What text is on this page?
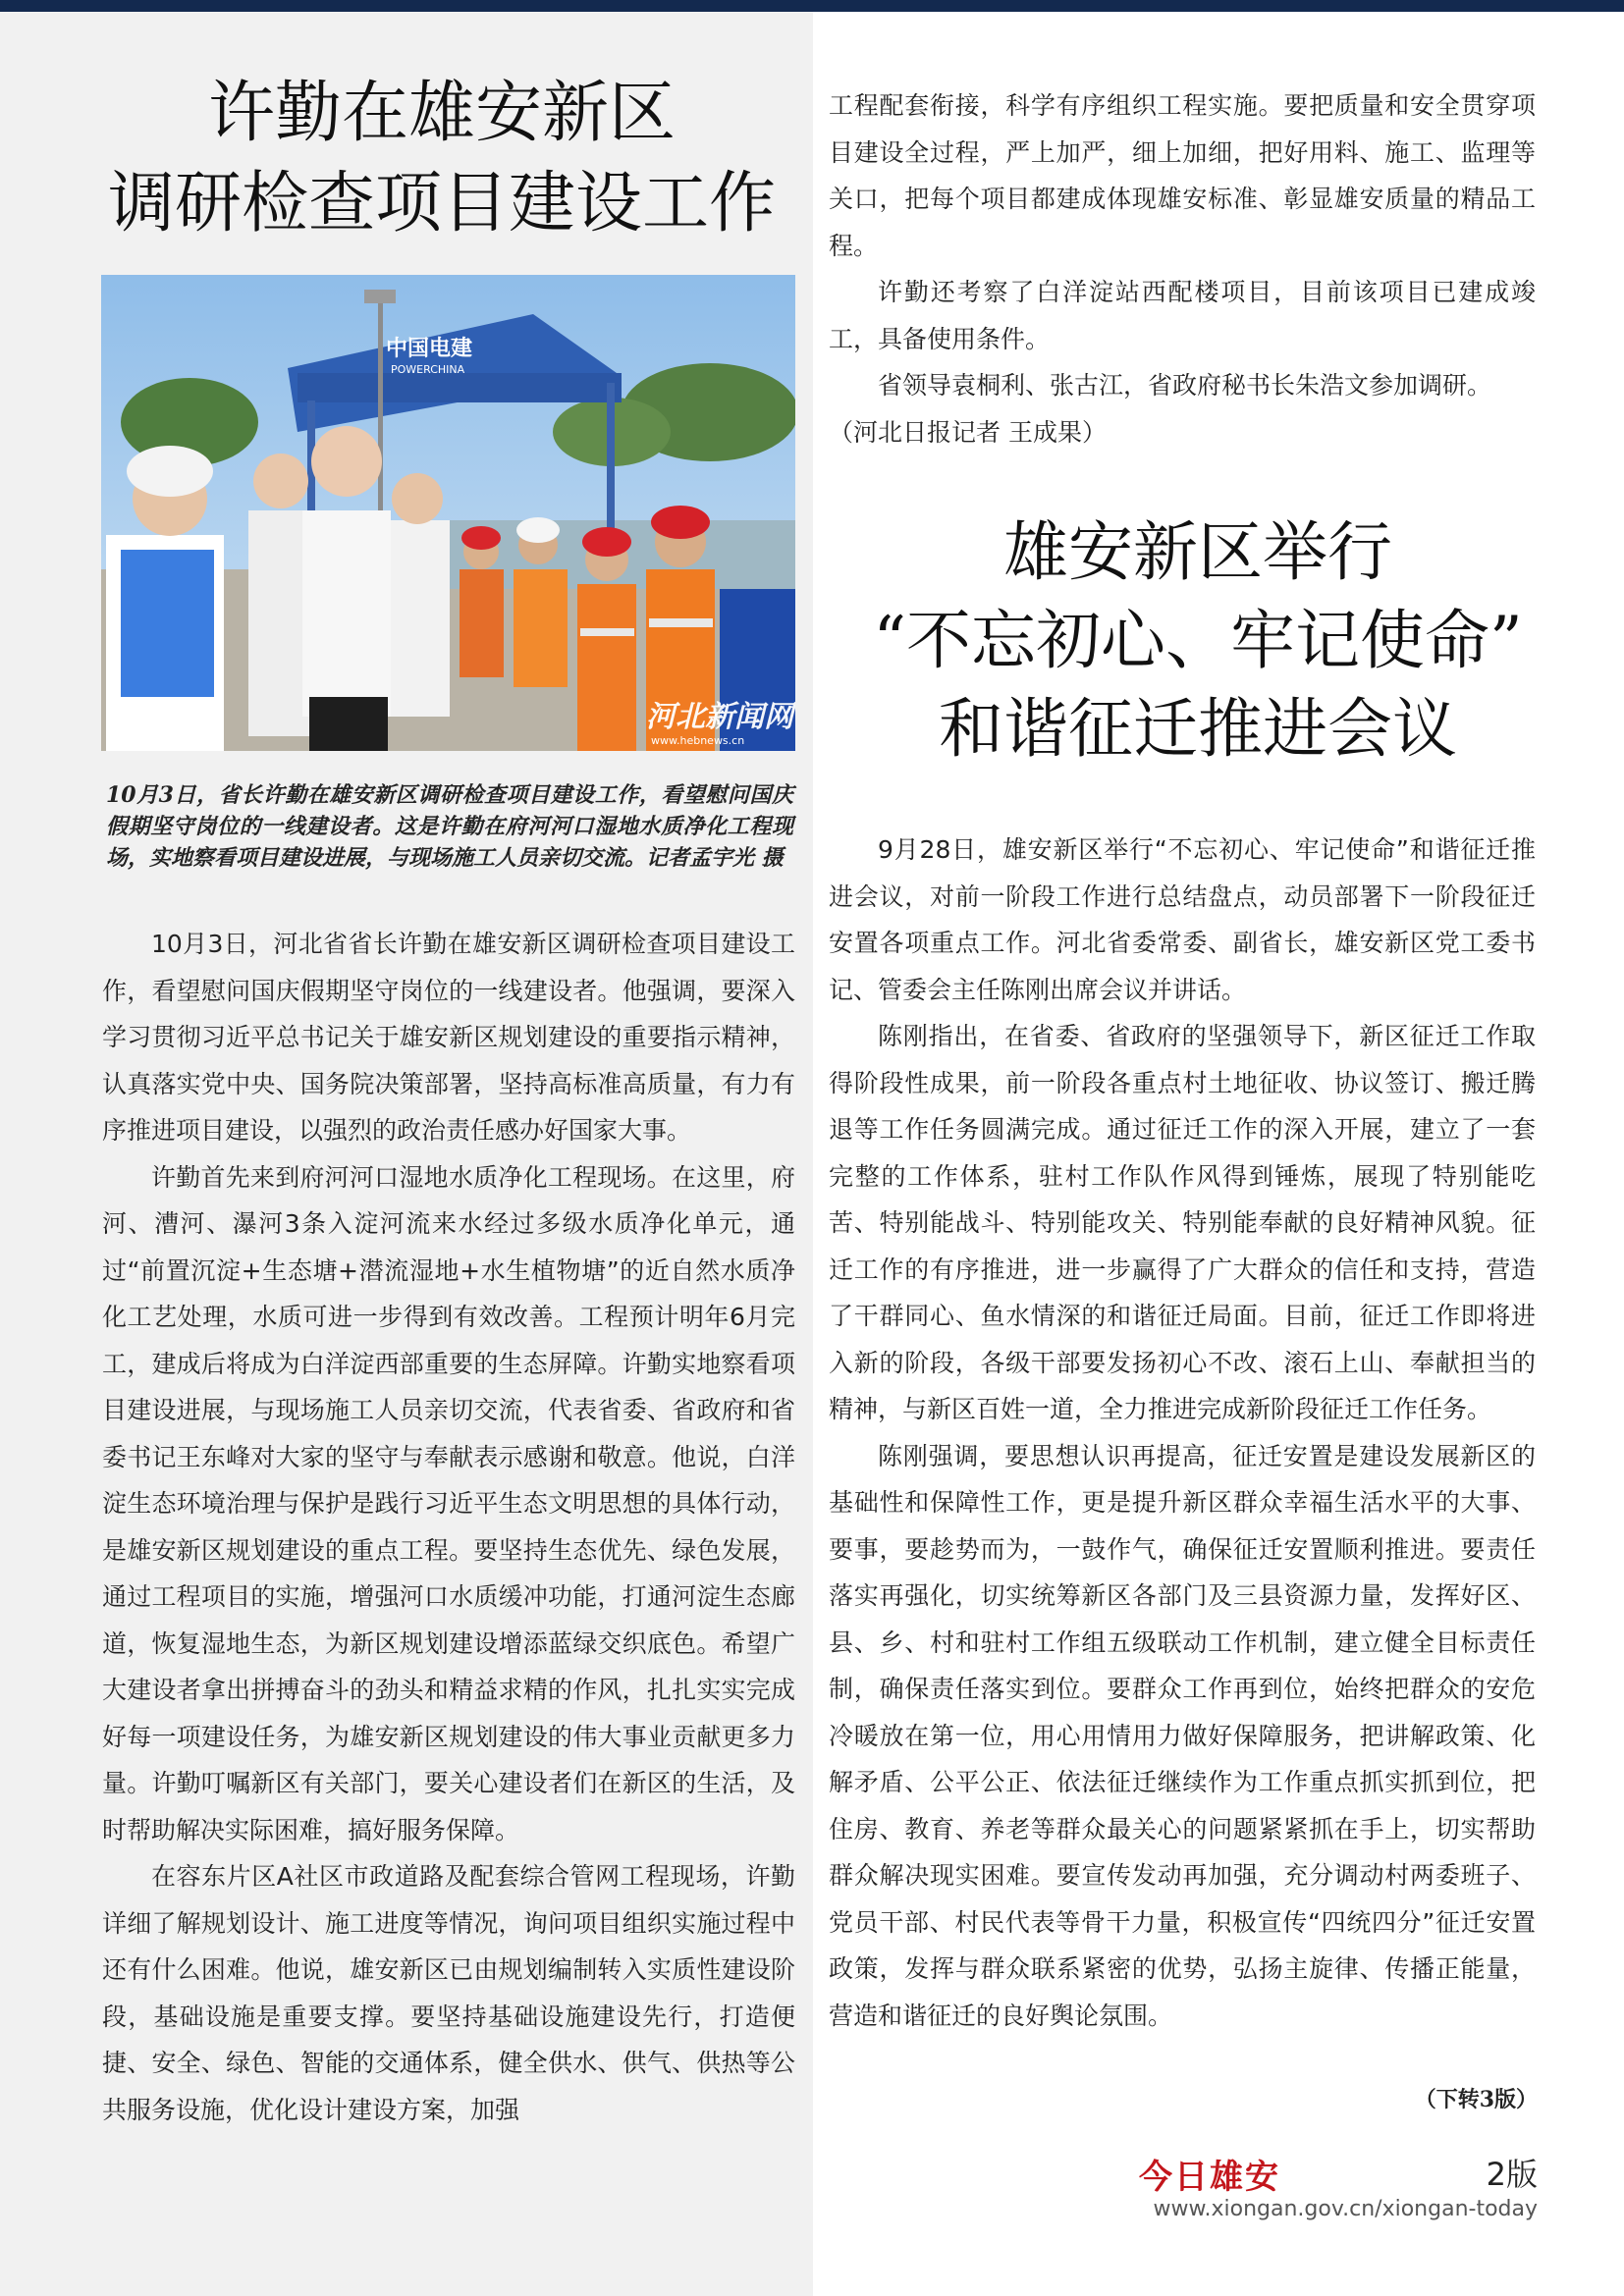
许勤在雄安新区
调研检查项目建设工作
中国电建
POWERCHINA
河北新闻网
www.hebnews.cn
10月3日，省长许勤在雄安新区调研检查项目建设工作，看望慰问国庆假期坚守岗位的一线建设者。这是许勤在府河河口湿地水质净化工程现场，实地察看项目建设进展，与现场施工人员亲切交流。记者孟宇光 摄

10月3日，河北省省长许勤在雄安新区调研检查项目建设工作，看望慰问国庆假期坚守岗位的一线建设者。他强调，要深入学习贯彻习近平总书记关于雄安新区规划建设的重要指示精神，认真落实党中央、国务院决策部署，坚持高标准高质量，有力有序推进项目建设，以强烈的政治责任感办好国家大事。

许勤首先来到府河河口湿地水质净化工程现场。在这里，府河、漕河、瀑河3条入淀河流来水经过多级水质净化单元，通过“前置沉淀+生态塘+潜流湿地+水生植物塘”的近自然水质净化工艺处理，水质可进一步得到有效改善。工程预计明年6月完工，建成后将成为白洋淀西部重要的生态屏障。许勤实地察看项目建设进展，与现场施工人员亲切交流，代表省委、省政府和省委书记王东峰对大家的坚守与奉献表示感谢和敬意。他说，白洋淀生态环境治理与保护是践行习近平生态文明思想的具体行动，是雄安新区规划建设的重点工程。要坚持生态优先、绿色发展，通过工程项目的实施，增强河口水质缓冲功能，打通河淀生态廊道，恢复湿地生态，为新区规划建设增添蓝绿交织底色。希望广大建设者拿出拼搏奋斗的劲头和精益求精的作风，扎扎实实完成好每一项建设任务，为雄安新区规划建设的伟大事业贡献更多力量。许勤叮嘱新区有关部门，要关心建设者们在新区的生活，及时帮助解决实际困难，搞好服务保障。

在容东片区A社区市政道路及配套综合管网工程现场，许勤详细了解规划设计、施工进度等情况，询问项目组织实施过程中还有什么困难。他说，雄安新区已由规划编制转入实质性建设阶段，基础设施是重要支撑。要坚持基础设施建设先行，打造便捷、安全、绿色、智能的交通体系，健全供水、供气、供热等公共服务设施，优化设计建设方案，加强

工程配套衔接，科学有序组织工程实施。要把质量和安全贯穿项目建设全过程，严上加严，细上加细，把好用料、施工、监理等关口，把每个项目都建成体现雄安标准、彰显雄安质量的精品工程。

许勤还考察了白洋淀站西配楼项目，目前该项目已建成竣工，具备使用条件。

省领导袁桐利、张古江，省政府秘书长朱浩文参加调研。

（河北日报记者 王成果）

雄安新区举行
“不忘初心、牢记使命”
和谐征迁推进会议

9月28日，雄安新区举行“不忘初心、牢记使命”和谐征迁推进会议，对前一阶段工作进行总结盘点，动员部署下一阶段征迁安置各项重点工作。河北省委常委、副省长，雄安新区党工委书记、管委会主任陈刚出席会议并讲话。

陈刚指出，在省委、省政府的坚强领导下，新区征迁工作取得阶段性成果，前一阶段各重点村土地征收、协议签订、搬迁腾退等工作任务圆满完成。通过征迁工作的深入开展，建立了一套完整的工作体系，驻村工作队作风得到锤炼，展现了特别能吃苦、特别能战斗、特别能攻关、特别能奉献的良好精神风貌。征迁工作的有序推进，进一步赢得了广大群众的信任和支持，营造了干群同心、鱼水情深的和谐征迁局面。目前，征迁工作即将进入新的阶段，各级干部要发扬初心不改、滚石上山、奉献担当的精神，与新区百姓一道，全力推进完成新阶段征迁工作任务。

陈刚强调，要思想认识再提高，征迁安置是建设发展新区的基础性和保障性工作，更是提升新区群众幸福生活水平的大事、要事，要趁势而为，一鼓作气，确保征迁安置顺利推进。要责任落实再强化，切实统筹新区各部门及三县资源力量，发挥好区、县、乡、村和驻村工作组五级联动工作机制，建立健全目标责任制，确保责任落实到位。要群众工作再到位，始终把群众的安危冷暖放在第一位，用心用情用力做好保障服务，把讲解政策、化解矛盾、公平公正、依法征迁继续作为工作重点抓实抓到位，把住房、教育、养老等群众最关心的问题紧紧抓在手上，切实帮助群众解决现实困难。要宣传发动再加强，充分调动村两委班子、党员干部、村民代表等骨干力量，积极宣传“四统四分”征迁安置政策，发挥与群众联系紧密的优势，弘扬主旋律、传播正能量，营造和谐征迁的良好舆论氛围。

（下转3版）
今日雄安	2版
www.xiongan.gov.cn/xiongan-today
